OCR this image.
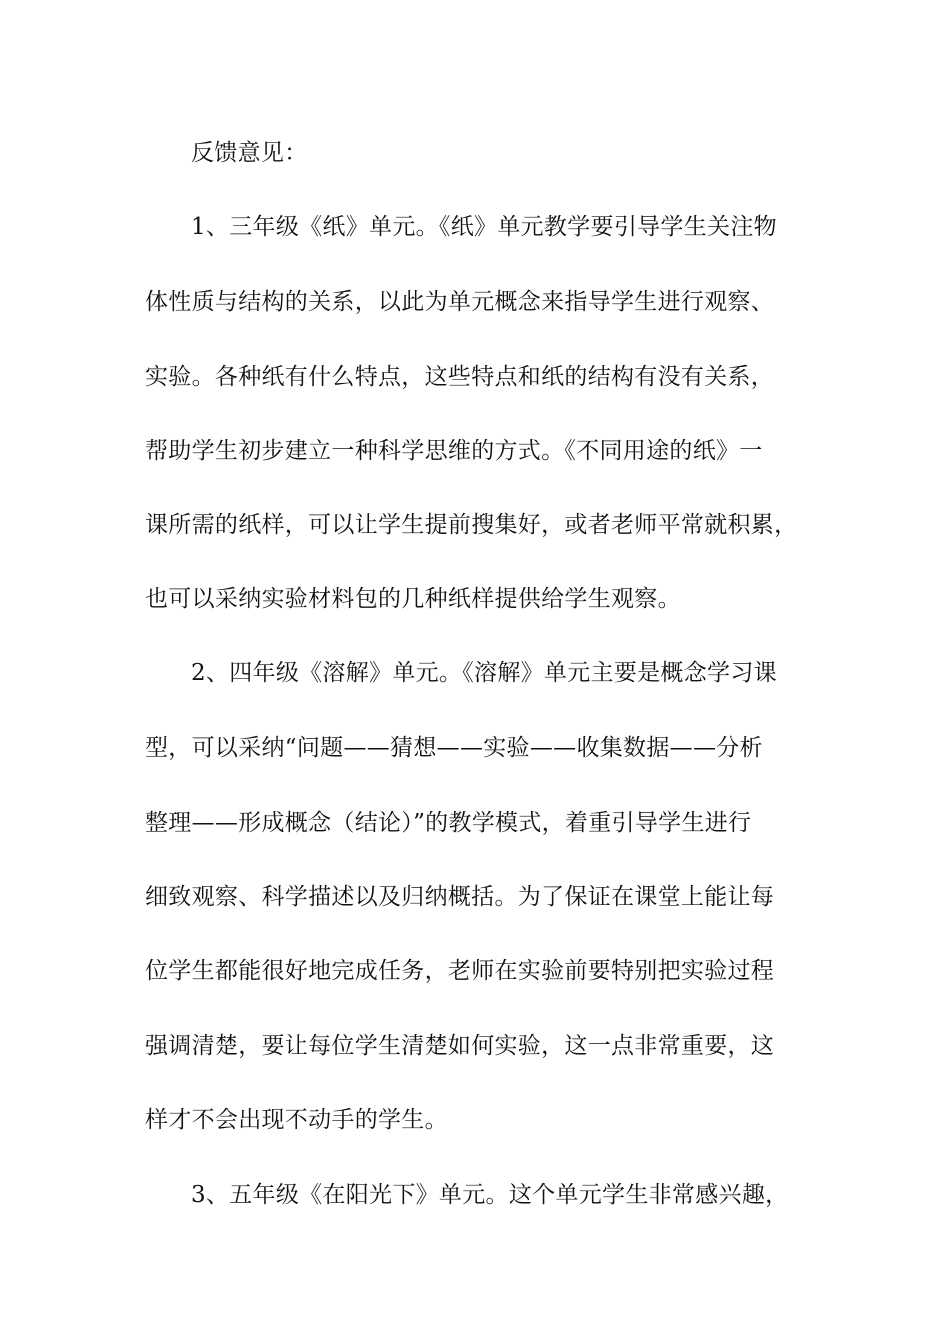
反馈意见：
1、三年级《纸》单元。《纸》单元教学要引导学生关注物
体性质与结构的关系，以此为单元概念来指导学生进行观察、
实验。各种纸有什么特点，这些特点和纸的结构有没有关系，
帮助学生初步建立一种科学思维的方式。《不同用途的纸》一
课所需的纸样，可以让学生提前搜集好，或者老师平常就积累，
也可以采纳实验材料包的几种纸样提供给学生观察。
2、四年级《溶解》单元。《溶解》单元主要是概念学习课
型，可以采纳“问题——猜想——实验——收集数据——分析
整理——形成概念（结论）”的教学模式，着重引导学生进行
细致观察、科学描述以及归纳概括。为了保证在课堂上能让每
位学生都能很好地完成任务，老师在实验前要特别把实验过程
强调清楚，要让每位学生清楚如何实验，这一点非常重要，这
样才不会出现不动手的学生。
3、五年级《在阳光下》单元。这个单元学生非常感兴趣，
